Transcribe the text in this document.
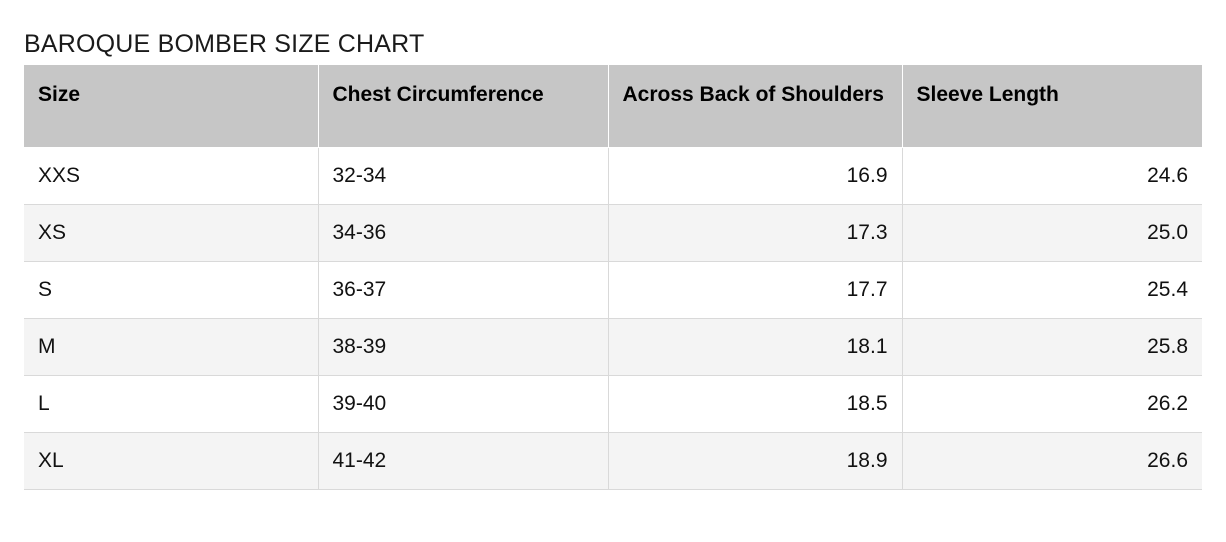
BAROQUE BOMBER SIZE CHART
Size	Chest Circumference	Across Back of Shoulders	Sleeve Length
XXS	32-34	16.9	24.6
XS	34-36	17.3	25.0
S	36-37	17.7	25.4
M	38-39	18.1	25.8
L	39-40	18.5	26.2
XL	41-42	18.9	26.6
